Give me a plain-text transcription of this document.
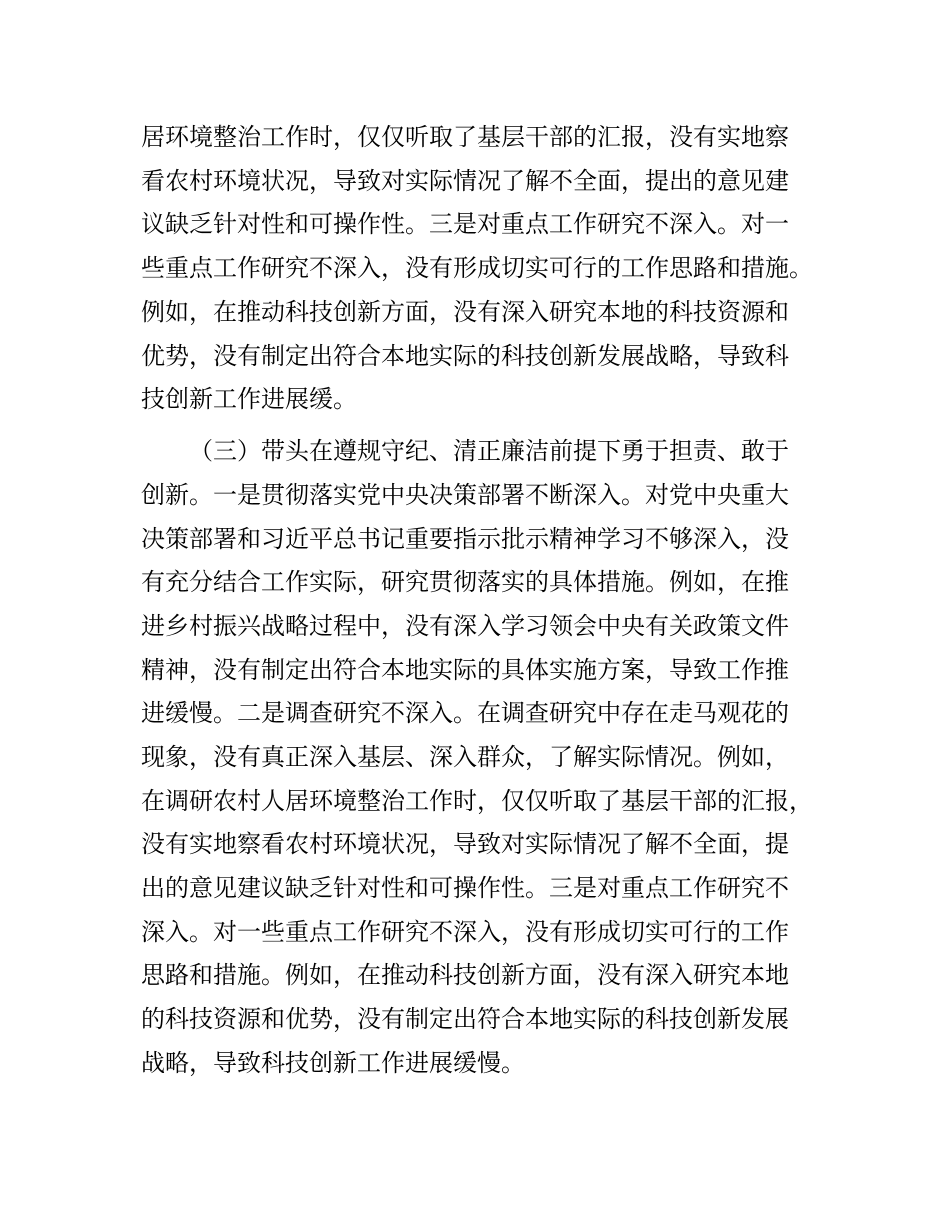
居环境整治工作时，仅仅听取了基层干部的汇报，没有实地察
看农村环境状况，导致对实际情况了解不全面，提出的意见建
议缺乏针对性和可操作性。三是对重点工作研究不深入。对一
些重点工作研究不深入，没有形成切实可行的工作思路和措施。
例如，在推动科技创新方面，没有深入研究本地的科技资源和
优势，没有制定出符合本地实际的科技创新发展战略，导致科
技创新工作进展缓。
（三）带头在遵规守纪、清正廉洁前提下勇于担责、敢于
创新。一是贯彻落实党中央决策部署不断深入。对党中央重大
决策部署和习近平总书记重要指示批示精神学习不够深入，没
有充分结合工作实际，研究贯彻落实的具体措施。例如，在推
进乡村振兴战略过程中，没有深入学习领会中央有关政策文件
精神，没有制定出符合本地实际的具体实施方案，导致工作推
进缓慢。二是调查研究不深入。在调查研究中存在走马观花的
现象，没有真正深入基层、深入群众，了解实际情况。例如，
在调研农村人居环境整治工作时，仅仅听取了基层干部的汇报，
没有实地察看农村环境状况，导致对实际情况了解不全面，提
出的意见建议缺乏针对性和可操作性。三是对重点工作研究不
深入。对一些重点工作研究不深入，没有形成切实可行的工作
思路和措施。例如，在推动科技创新方面，没有深入研究本地
的科技资源和优势，没有制定出符合本地实际的科技创新发展
战略，导致科技创新工作进展缓慢。
